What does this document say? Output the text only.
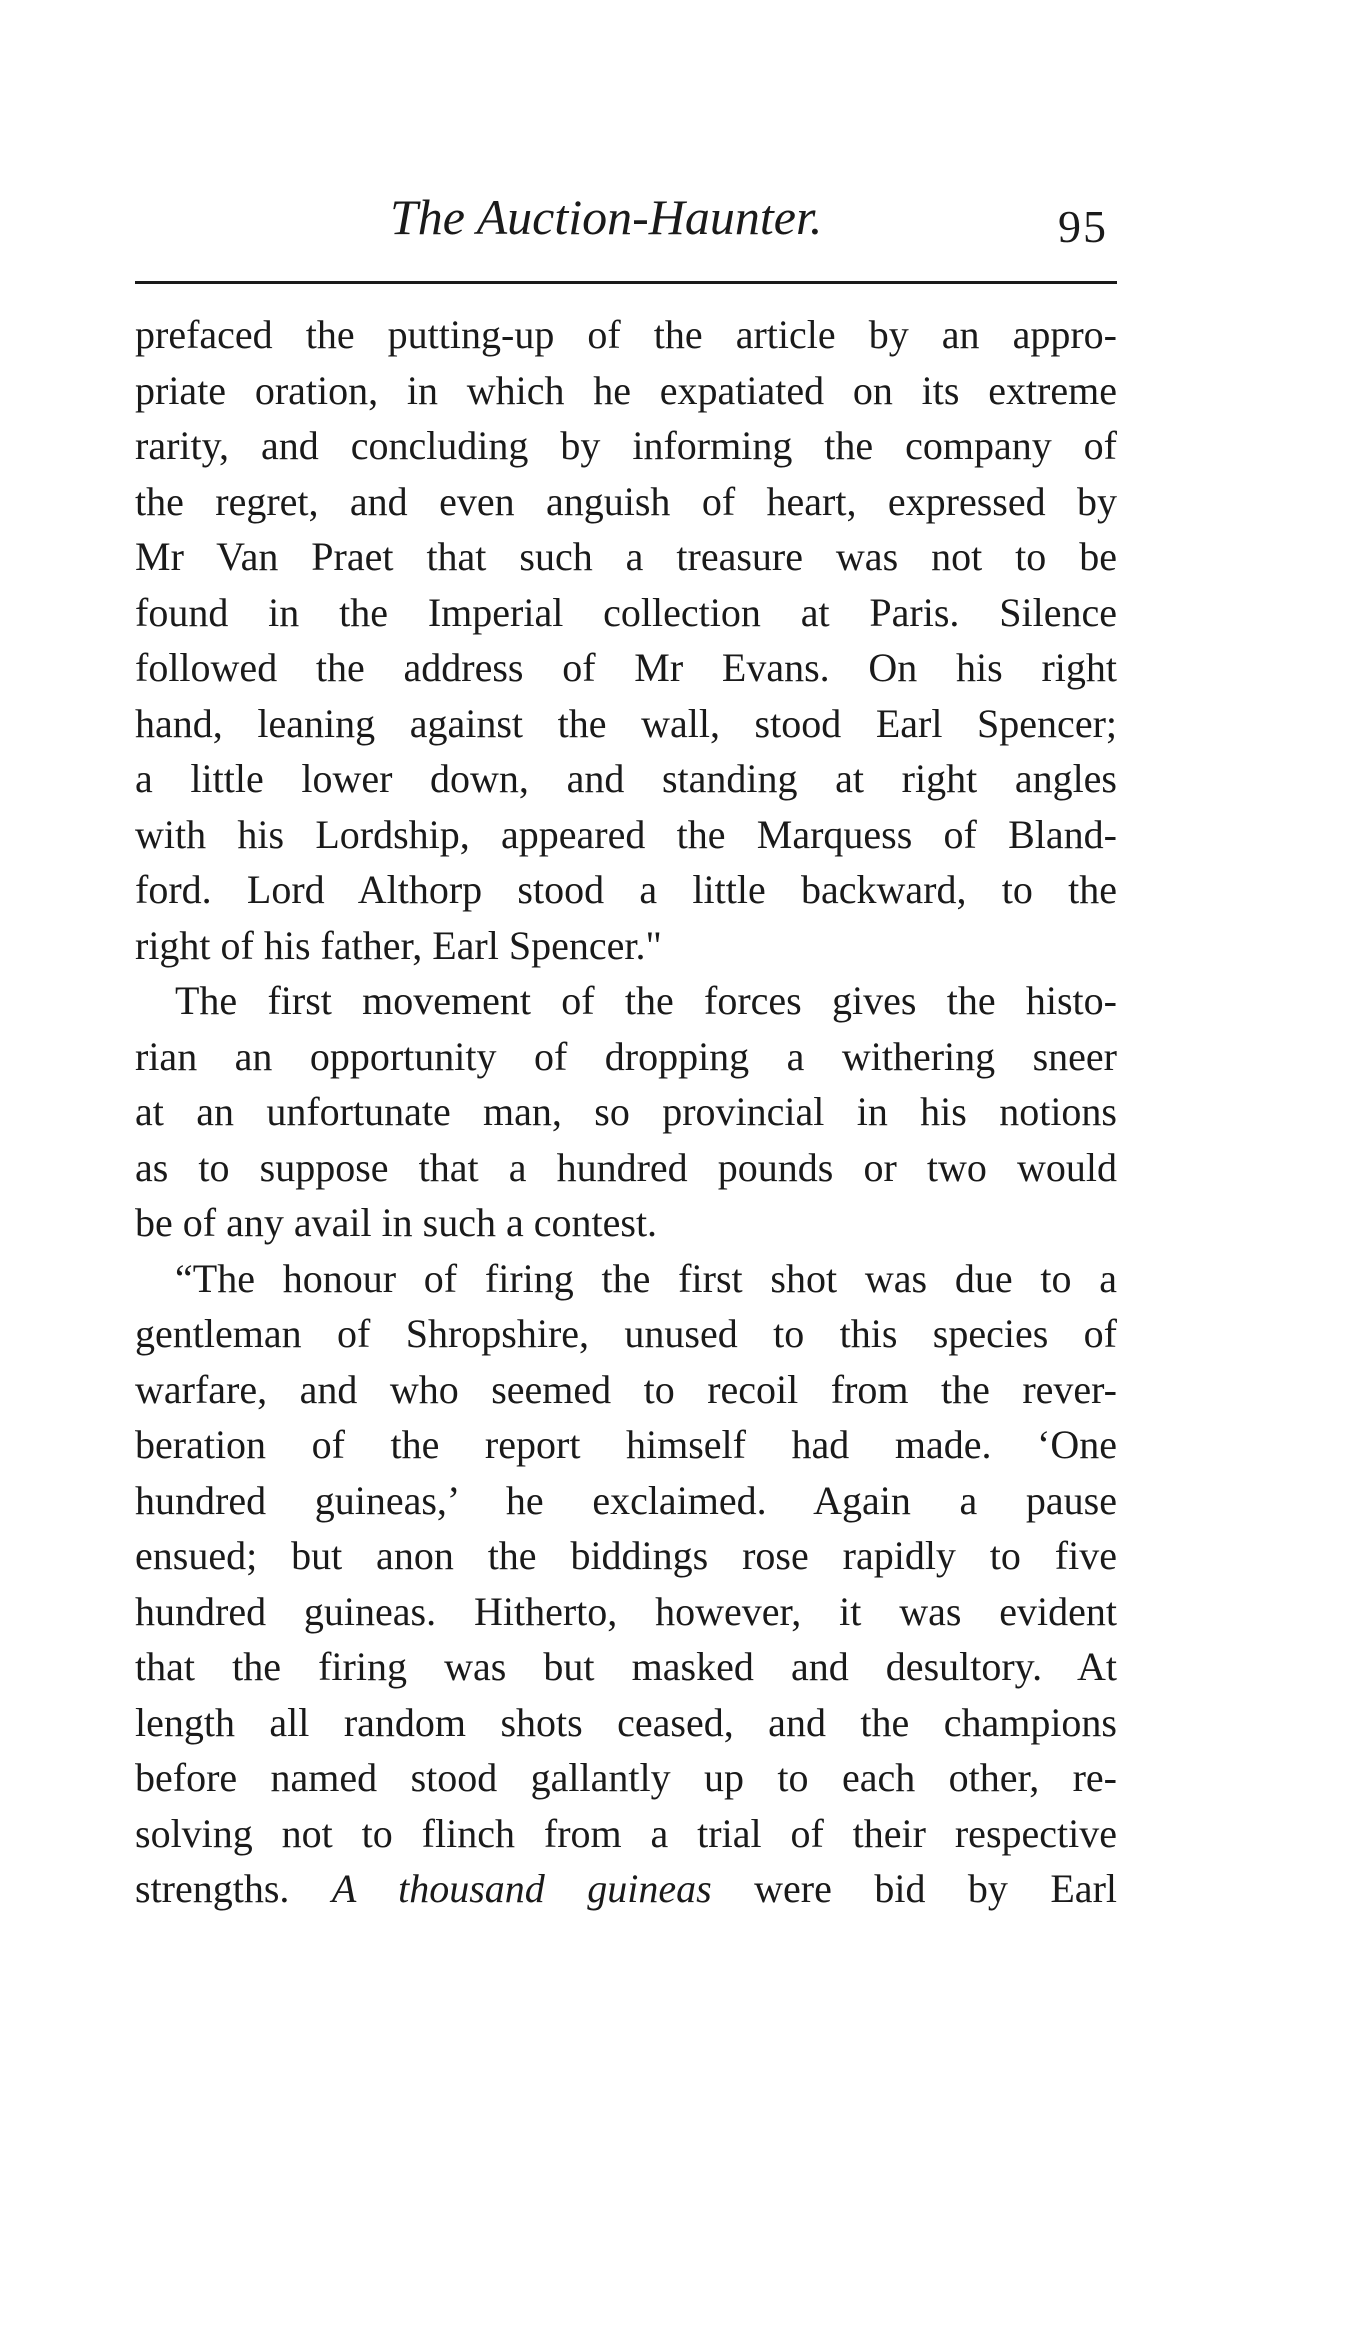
The Auction-Haunter.	95
prefaced the putting-up of the article by an appro-
priate oration, in which he expatiated on its extreme
rarity, and concluding by informing the company of
the regret, and even anguish of heart, expressed by
Mr Van Praet that such a treasure was not to be
found in the Imperial collection at Paris. Silence
followed the address of Mr Evans. On his right
hand, leaning against the wall, stood Earl Spencer;
a little lower down, and standing at right angles
with his Lordship, appeared the Marquess of Bland-
ford. Lord Althorp stood a little backward, to the
right of his father, Earl Spencer."
The first movement of the forces gives the histo-
rian an opportunity of dropping a withering sneer
at an unfortunate man, so provincial in his notions
as to suppose that a hundred pounds or two would
be of any avail in such a contest.
“The honour of firing the first shot was due to a
gentleman of Shropshire, unused to this species of
warfare, and who seemed to recoil from the rever-
beration of the report himself had made. ‘One
hundred guineas,’ he exclaimed. Again a pause
ensued; but anon the biddings rose rapidly to five
hundred guineas. Hitherto, however, it was evident
that the firing was but masked and desultory. At
length all random shots ceased, and the champions
before named stood gallantly up to each other, re-
solving not to flinch from a trial of their respective
strengths. A thousand guineas were bid by Earl
